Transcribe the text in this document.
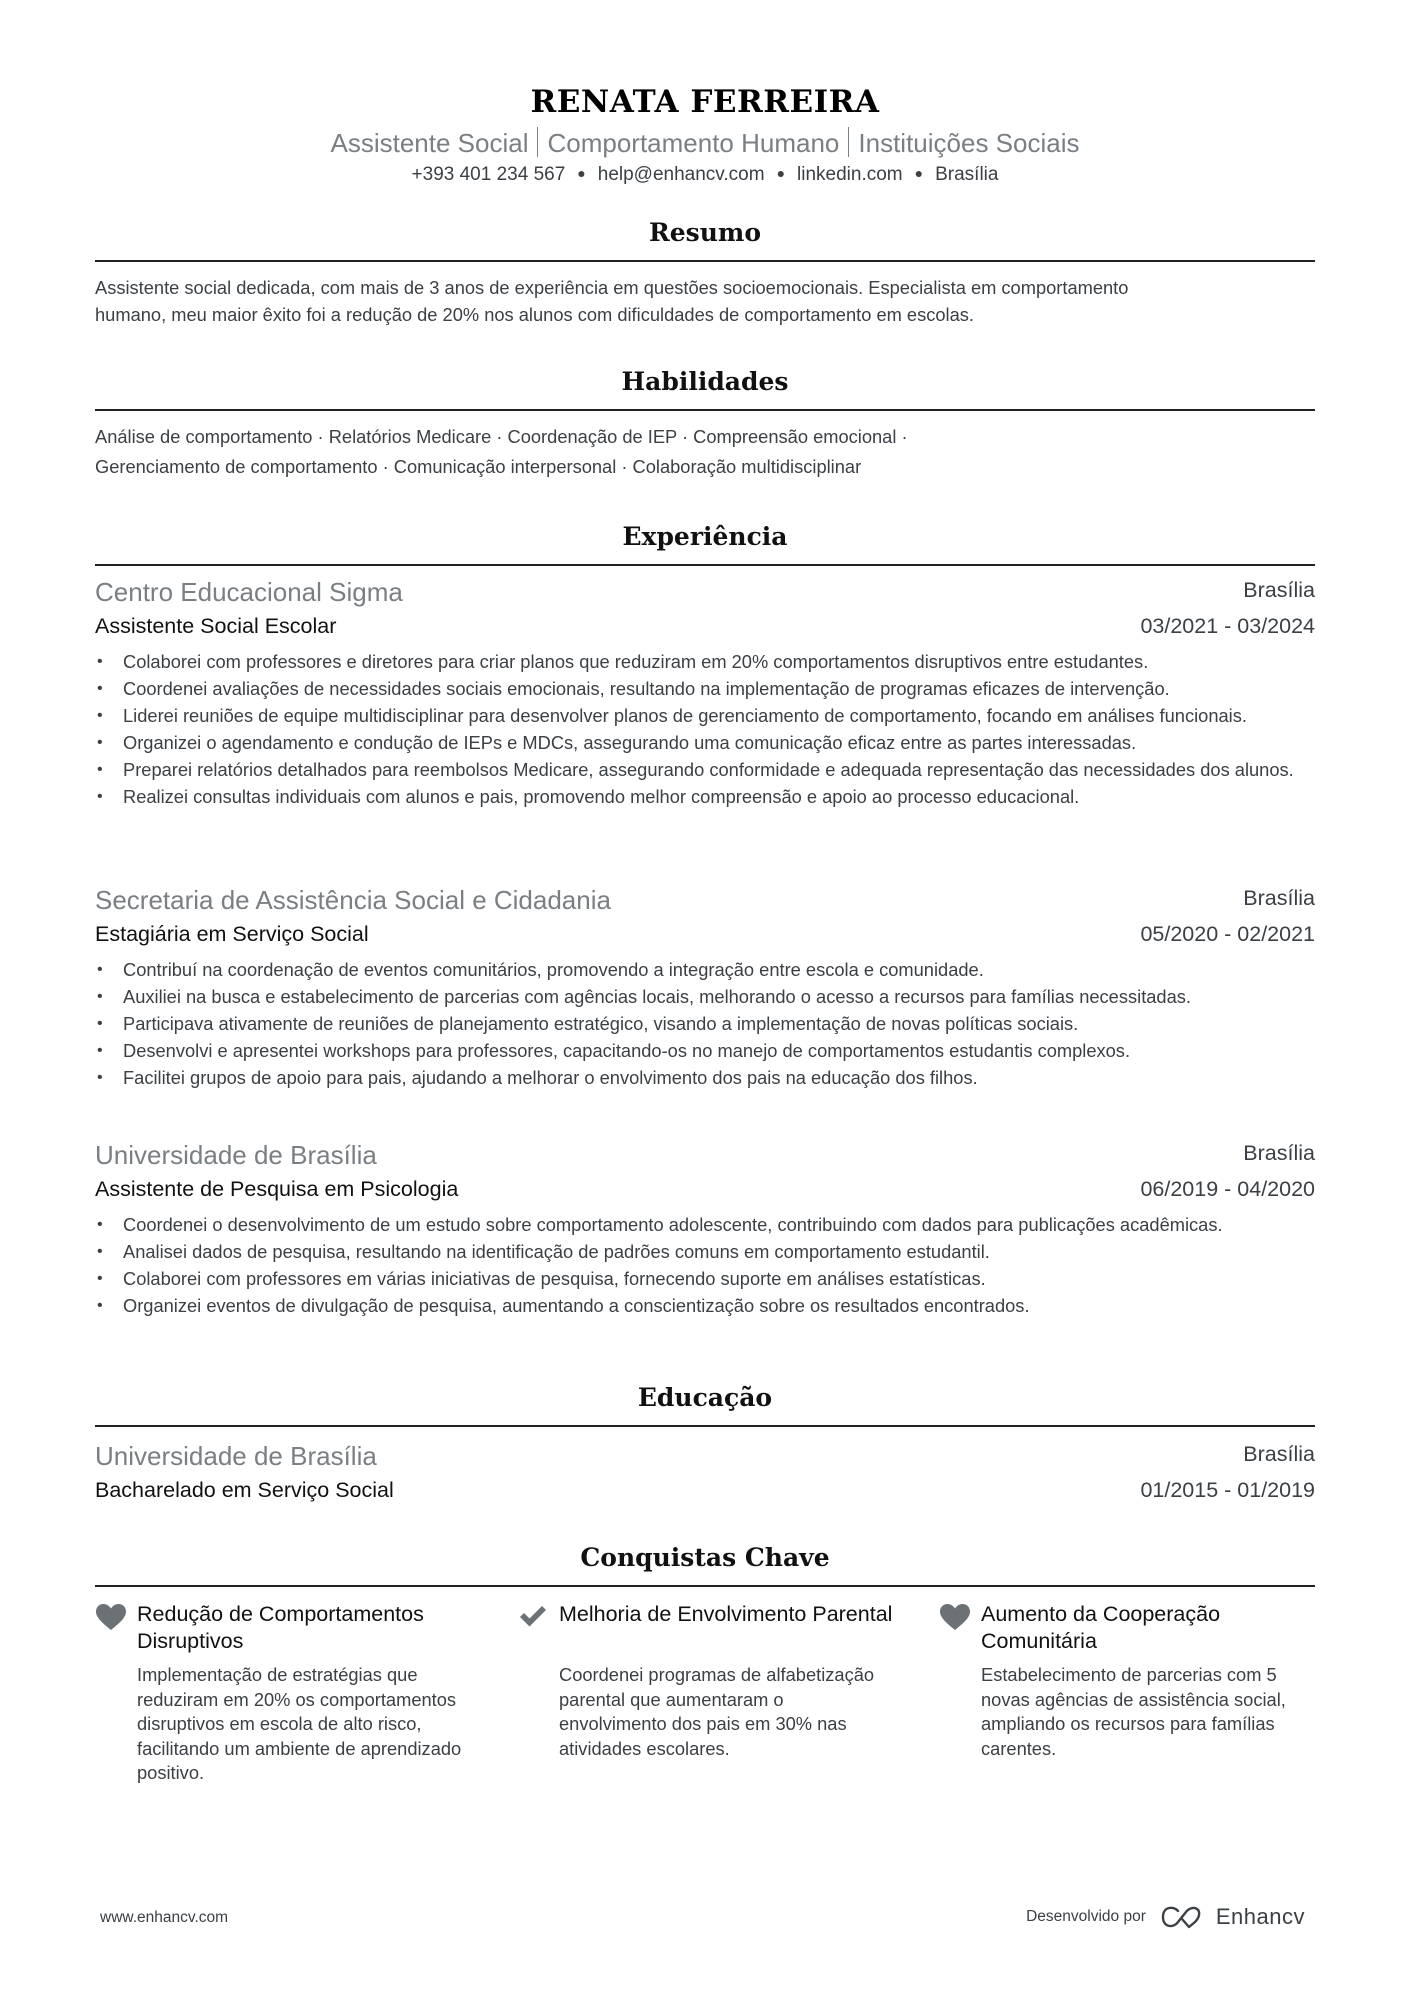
RENATA FERREIRA
Assistente Social Comportamento Humano Instituições Sociais
+393 401 234 567 ● help@enhancv.com ● linkedin.com ● Brasília
Resumo
Assistente social dedicada, com mais de 3 anos de experiência em questões socioemocionais. Especialista em comportamento
humano, meu maior êxito foi a redução de 20% nos alunos com dificuldades de comportamento em escolas.
Habilidades
Análise de comportamento · Relatórios Medicare · Coordenação de IEP · Compreensão emocional ·
Gerenciamento de comportamento · Comunicação interpersonal · Colaboração multidisciplinar
Experiência
Centro Educacional Sigma	Brasília
Assistente Social Escolar	03/2021 - 03/2024
• Colaborei com professores e diretores para criar planos que reduziram em 20% comportamentos disruptivos entre estudantes.
• Coordenei avaliações de necessidades sociais emocionais, resultando na implementação de programas eficazes de intervenção.
• Liderei reuniões de equipe multidisciplinar para desenvolver planos de gerenciamento de comportamento, focando em análises funcionais.
• Organizei o agendamento e condução de IEPs e MDCs, assegurando uma comunicação eficaz entre as partes interessadas.
• Preparei relatórios detalhados para reembolsos Medicare, assegurando conformidade e adequada representação das necessidades dos alunos.
• Realizei consultas individuais com alunos e pais, promovendo melhor compreensão e apoio ao processo educacional.
Secretaria de Assistência Social e Cidadania	Brasília
Estagiária em Serviço Social	05/2020 - 02/2021
• Contribuí na coordenação de eventos comunitários, promovendo a integração entre escola e comunidade.
• Auxiliei na busca e estabelecimento de parcerias com agências locais, melhorando o acesso a recursos para famílias necessitadas.
• Participava ativamente de reuniões de planejamento estratégico, visando a implementação de novas políticas sociais.
• Desenvolvi e apresentei workshops para professores, capacitando-os no manejo de comportamentos estudantis complexos.
• Facilitei grupos de apoio para pais, ajudando a melhorar o envolvimento dos pais na educação dos filhos.
Universidade de Brasília	Brasília
Assistente de Pesquisa em Psicologia	06/2019 - 04/2020
• Coordenei o desenvolvimento de um estudo sobre comportamento adolescente, contribuindo com dados para publicações acadêmicas.
• Analisei dados de pesquisa, resultando na identificação de padrões comuns em comportamento estudantil.
• Colaborei com professores em várias iniciativas de pesquisa, fornecendo suporte em análises estatísticas.
• Organizei eventos de divulgação de pesquisa, aumentando a conscientização sobre os resultados encontrados.
Educação
Universidade de Brasília	Brasília
Bacharelado em Serviço Social	01/2015 - 01/2019
Conquistas Chave
Redução de Comportamentos Disruptivos
Implementação de estratégias que reduziram em 20% os comportamentos disruptivos em escola de alto risco, facilitando um ambiente de aprendizado positivo.
Melhoria de Envolvimento Parental
Coordenei programas de alfabetização parental que aumentaram o envolvimento dos pais em 30% nas atividades escolares.
Aumento da Cooperação Comunitária
Estabelecimento de parcerias com 5 novas agências de assistência social, ampliando os recursos para famílias carentes.
www.enhancv.com	Desenvolvido por	Enhancv
